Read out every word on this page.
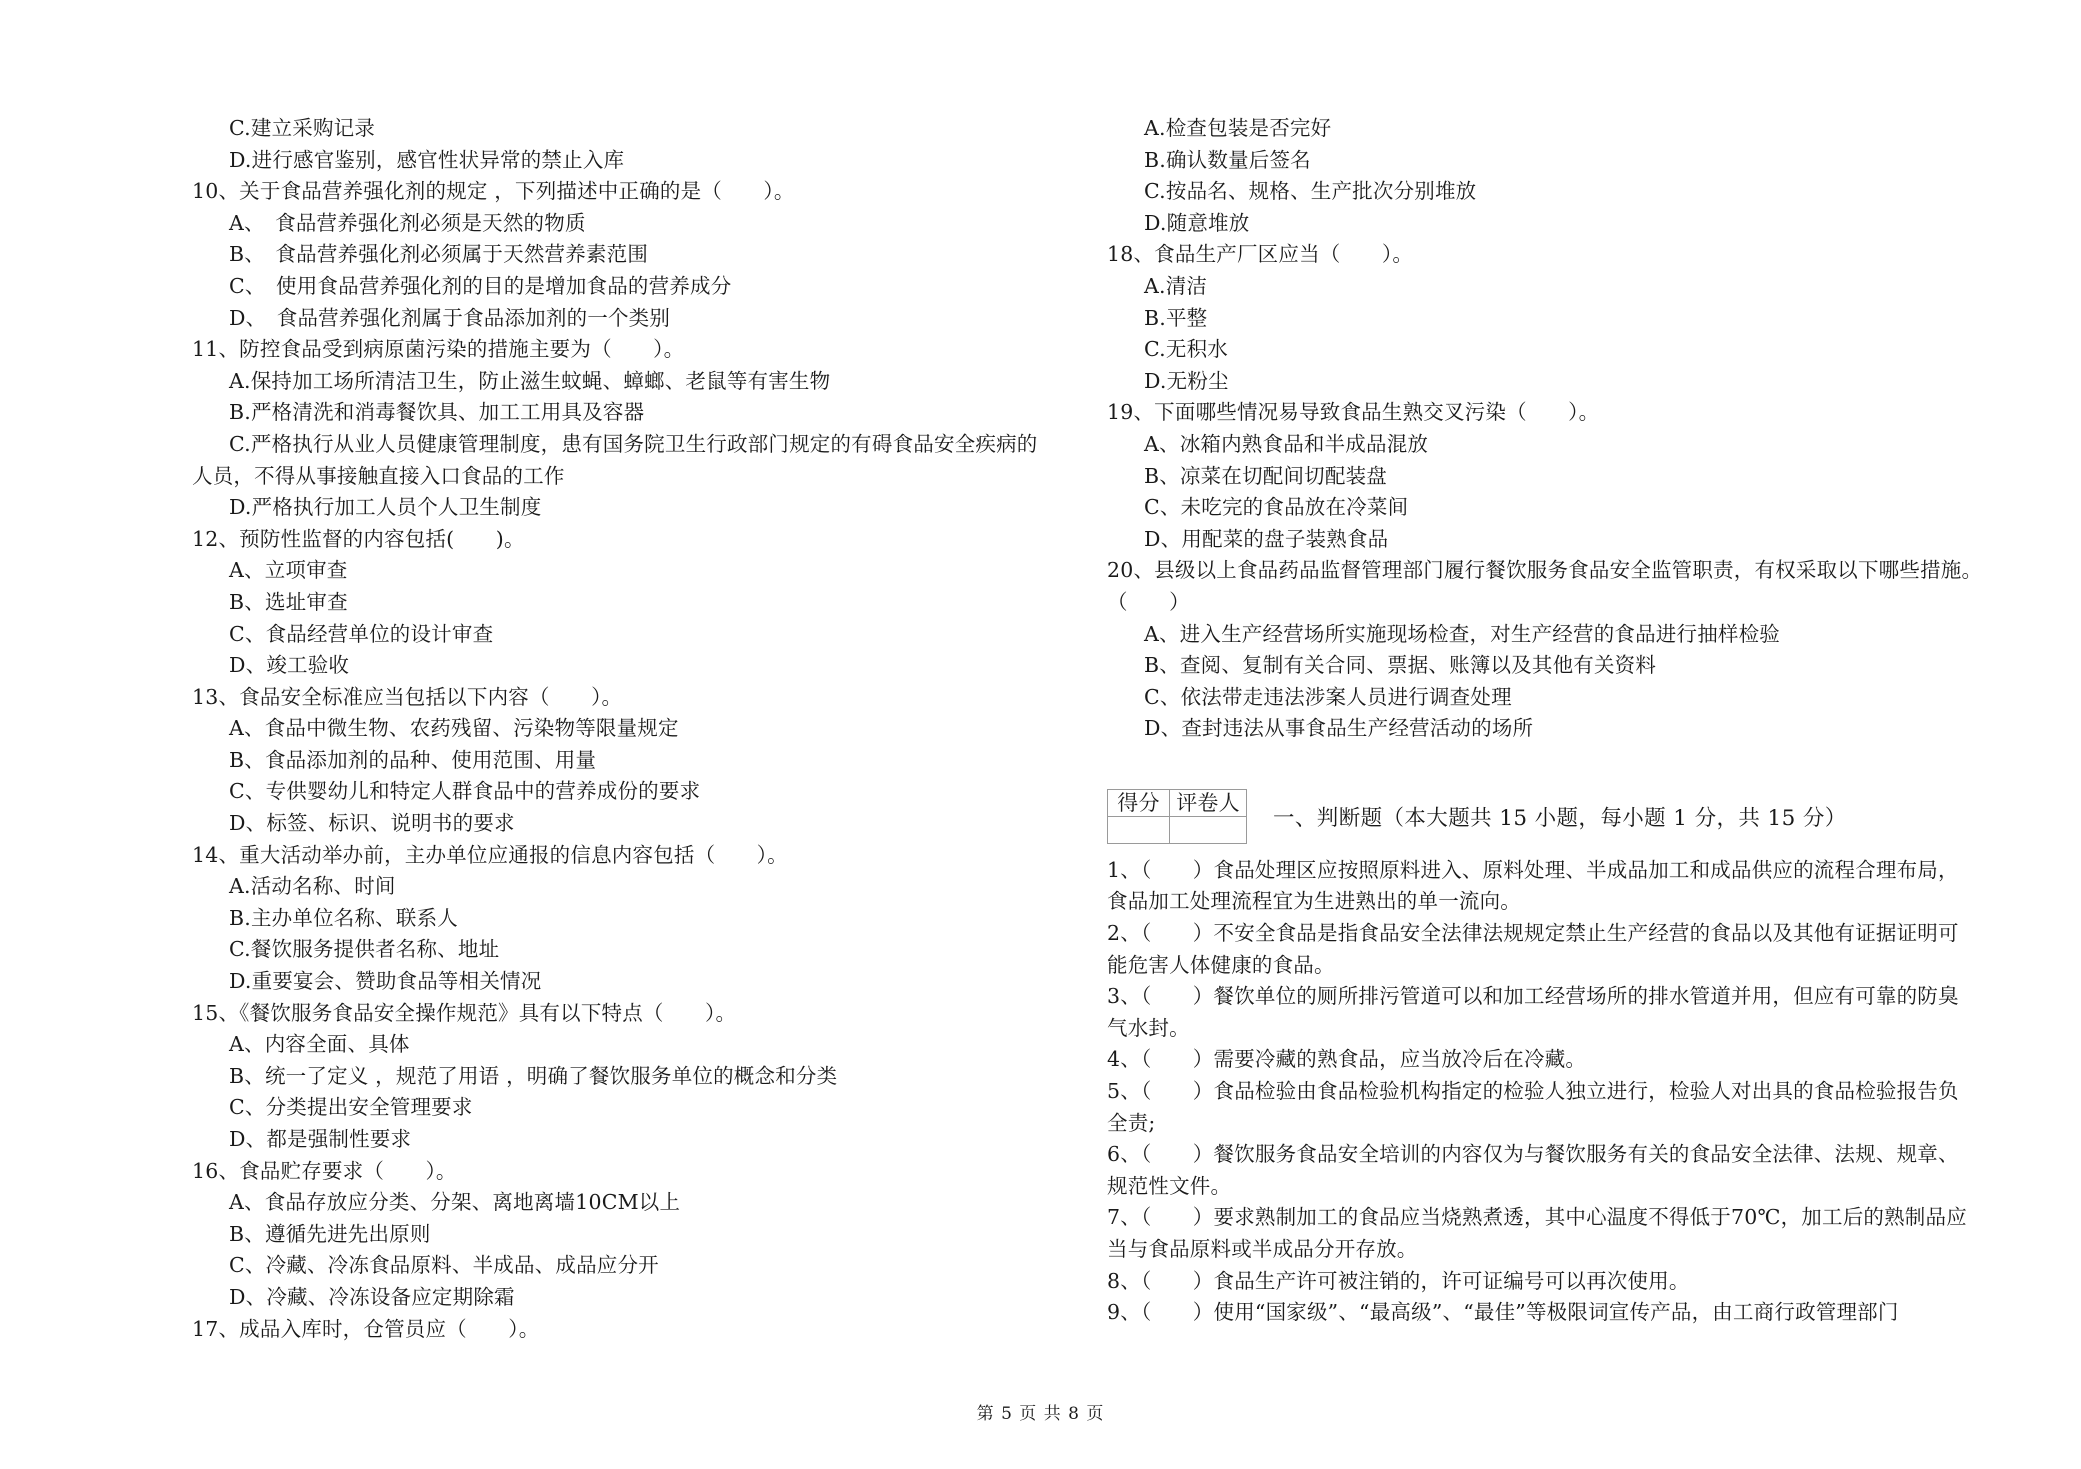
C.建立采购记录
D.进行感官鉴别，感官性状异常的禁止入库
10、关于食品营养强化剂的规定 ，下列描述中正确的是（　　）。
A、　食品营养强化剂必须是天然的物质
B、　食品营养强化剂必须属于天然营养素范围
C、　使用食品营养强化剂的目的是增加食品的营养成分
D、　食品营养强化剂属于食品添加剂的一个类别
11、防控食品受到病原菌污染的措施主要为（　　）。
A.保持加工场所清洁卫生，防止滋生蚊蝇、蟑螂、老鼠等有害生物
B.严格清洗和消毒餐饮具、加工工用具及容器
C.严格执行从业人员健康管理制度，患有国务院卫生行政部门规定的有碍食品安全疾病的
人员，不得从事接触直接入口食品的工作
D.严格执行加工人员个人卫生制度
12、预防性监督的内容包括(　　)。
A、立项审查
B、选址审查
C、食品经营单位的设计审查
D、竣工验收
13、食品安全标准应当包括以下内容（　　）。
A、食品中微生物、农药残留、污染物等限量规定
B、食品添加剂的品种、使用范围、用量
C、专供婴幼儿和特定人群食品中的营养成份的要求
D、标签、标识、说明书的要求
14、重大活动举办前，主办单位应通报的信息内容包括（　　）。
A.活动名称、时间
B.主办单位名称、联系人
C.餐饮服务提供者名称、地址
D.重要宴会、赞助食品等相关情况
15、《餐饮服务食品安全操作规范》具有以下特点（　　）。
A、内容全面、具体
B、统一了定义 ，规范了用语 ，明确了餐饮服务单位的概念和分类
C、分类提出安全管理要求
D、都是强制性要求
16、食品贮存要求（　　）。
A、食品存放应分类、分架、离地离墙10CM以上
B、遵循先进先出原则
C、冷藏、冷冻食品原料、半成品、成品应分开
D、冷藏、冷冻设备应定期除霜
17、成品入库时，仓管员应（　　）。
A.检查包装是否完好
B.确认数量后签名
C.按品名、规格、生产批次分别堆放
D.随意堆放
18、食品生产厂区应当（　　）。
A.清洁
B.平整
C.无积水
D.无粉尘
19、下面哪些情况易导致食品生熟交叉污染（　　）。
A、冰箱内熟食品和半成品混放
B、凉菜在切配间切配装盘
C、未吃完的食品放在冷菜间
D、用配菜的盘子装熟食品
20、县级以上食品药品监督管理部门履行餐饮服务食品安全监管职责，有权采取以下哪些措施。
（　　）
A、进入生产经营场所实施现场检查，对生产经营的食品进行抽样检验
B、查阅、复制有关合同、票据、账簿以及其他有关资料
C、依法带走违法涉案人员进行调查处理
D、查封违法从事食品生产经营活动的场所
得分	评卷人

一、判断题（本大题共 15 小题，每小题 1 分，共 15 分）
1、（　　）食品处理区应按照原料进入、原料处理、半成品加工和成品供应的流程合理布局，
食品加工处理流程宜为生进熟出的单一流向。
2、（　　）不安全食品是指食品安全法律法规规定禁止生产经营的食品以及其他有证据证明可
能危害人体健康的食品。
3、（　　）餐饮单位的厕所排污管道可以和加工经营场所的排水管道并用，但应有可靠的防臭
气水封。
4、（　　）需要冷藏的熟食品，应当放冷后在冷藏。
5、（　　）食品检验由食品检验机构指定的检验人独立进行，检验人对出具的食品检验报告负
全责;
6、（　　）餐饮服务食品安全培训的内容仅为与餐饮服务有关的食品安全法律、法规、规章、
规范性文件。
7、（　　）要求熟制加工的食品应当烧熟煮透，其中心温度不得低于70℃，加工后的熟制品应
当与食品原料或半成品分开存放。
8、（　　）食品生产许可被注销的，许可证编号可以再次使用。
9、（　　）使用“国家级”、“最高级”、“最佳”等极限词宣传产品，由工商行政管理部门
第 5 页 共 8 页
